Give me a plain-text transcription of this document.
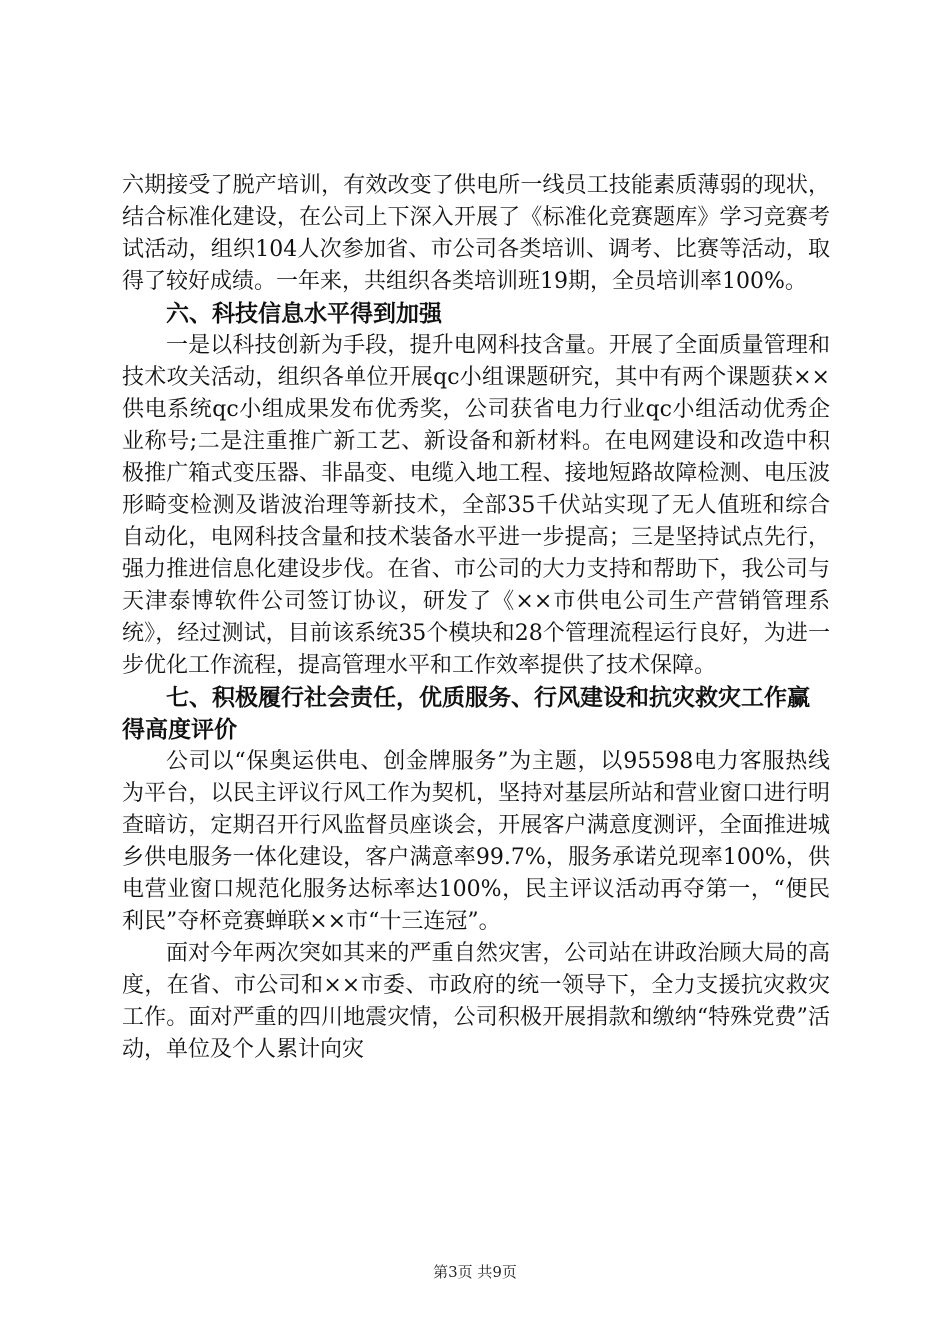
六期接受了脱产培训，有效改变了供电所一线员工技能素质薄弱的现状，结合标准化建设，在公司上下深入开展了《标准化竞赛题库》学习竞赛考试活动，组织104人次参加省、市公司各类培训、调考、比赛等活动，取得了较好成绩。一年来，共组织各类培训班19期，全员培训率100%。

六、科技信息水平得到加强

一是以科技创新为手段，提升电网科技含量。开展了全面质量管理和技术攻关活动，组织各单位开展qc小组课题研究，其中有两个课题获××供电系统qc小组成果发布优秀奖，公司获省电力行业qc小组活动优秀企业称号;二是注重推广新工艺、新设备和新材料。在电网建设和改造中积极推广箱式变压器、非晶变、电缆入地工程、接地短路故障检测、电压波形畸变检测及谐波治理等新技术，全部35千伏站实现了无人值班和综合自动化，电网科技含量和技术装备水平进一步提高；三是坚持试点先行，强力推进信息化建设步伐。在省、市公司的大力支持和帮助下，我公司与天津泰博软件公司签订协议，研发了《××市供电公司生产营销管理系统》，经过测试，目前该系统35个模块和28个管理流程运行良好，为进一步优化工作流程，提高管理水平和工作效率提供了技术保障。

七、积极履行社会责任，优质服务、行风建设和抗灾救灾工作赢得高度评价

公司以“保奥运供电、创金牌服务”为主题，以95598电力客服热线为平台，以民主评议行风工作为契机，坚持对基层所站和营业窗口进行明查暗访，定期召开行风监督员座谈会，开展客户满意度测评，全面推进城乡供电服务一体化建设，客户满意率99.7%，服务承诺兑现率100%，供电营业窗口规范化服务达标率达100%，民主评议活动再夺第一，“便民利民”夺杯竞赛蝉联××市“十三连冠”。

面对今年两次突如其来的严重自然灾害，公司站在讲政治顾大局的高度，在省、市公司和××市委、市政府的统一领导下，全力支援抗灾救灾工作。面对严重的四川地震灾情，公司积极开展捐款和缴纳“特殊党费”活动，单位及个人累计向灾

第3页 共9页
